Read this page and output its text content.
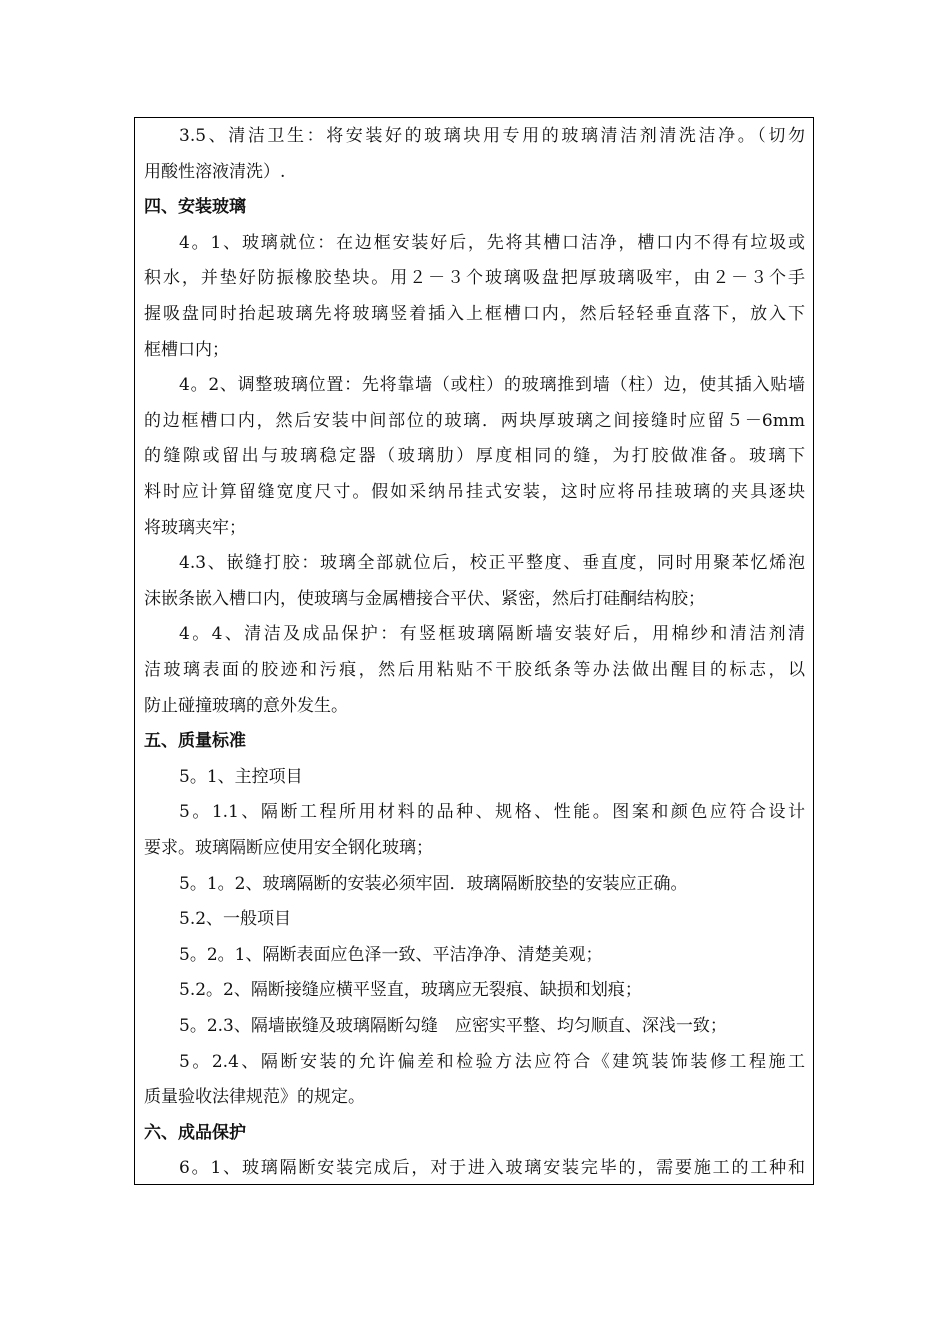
3.5、清洁卫生：将安装好的玻璃块用专用的玻璃清洁剂清洗洁净。（切勿
用酸性溶液清洗）.
四、安装玻璃
4。1、玻璃就位：在边框安装好后，先将其槽口洁净，槽口内不得有垃圾或
积水，并垫好防振橡胶垫块。用２－３个玻璃吸盘把厚玻璃吸牢，由２－３个手
握吸盘同时抬起玻璃先将玻璃竖着插入上框槽口内，然后轻轻垂直落下，放入下
框槽口内；
4。2、调整玻璃位置：先将靠墙（或柱）的玻璃推到墙（柱）边，使其插入贴墙
的边框槽口内，然后安装中间部位的玻璃．两块厚玻璃之间接缝时应留５－6mm
的缝隙或留出与玻璃稳定器（玻璃肋）厚度相同的缝，为打胶做准备。玻璃下
料时应计算留缝宽度尺寸。假如采纳吊挂式安装，这时应将吊挂玻璃的夹具逐块
将玻璃夹牢；
4.3、嵌缝打胶：玻璃全部就位后，校正平整度、垂直度，同时用聚苯忆烯泡
沫嵌条嵌入槽口内，使玻璃与金属槽接合平伏、紧密，然后打硅酮结构胶；
4。4、清洁及成品保护：有竖框玻璃隔断墙安装好后，用棉纱和清洁剂清
洁玻璃表面的胶迹和污痕，然后用粘贴不干胶纸条等办法做出醒目的标志，以
防止碰撞玻璃的意外发生。
五、质量标准
5。1、主控项目
5。1.1、隔断工程所用材料的品种、规格、性能。图案和颜色应符合设计
要求。玻璃隔断应使用安全钢化玻璃；
5。1。2、玻璃隔断的安装必须牢固．玻璃隔断胶垫的安装应正确。
5.2、一般项目
5。2。1、隔断表面应色泽一致、平洁净净、清楚美观；
5.2。2、隔断接缝应横平竖直，玻璃应无裂痕、缺损和划痕；
5。2.3、隔墙嵌缝及玻璃隔断勾缝　应密实平整、均匀顺直、深浅一致；
5。2.4、隔断安装的允许偏差和检验方法应符合《建筑装饰装修工程施工
质量验收法律规范》的规定。
六、成品保护
6。1、玻璃隔断安装完成后，对于进入玻璃安装完毕的，需要施工的工种和
